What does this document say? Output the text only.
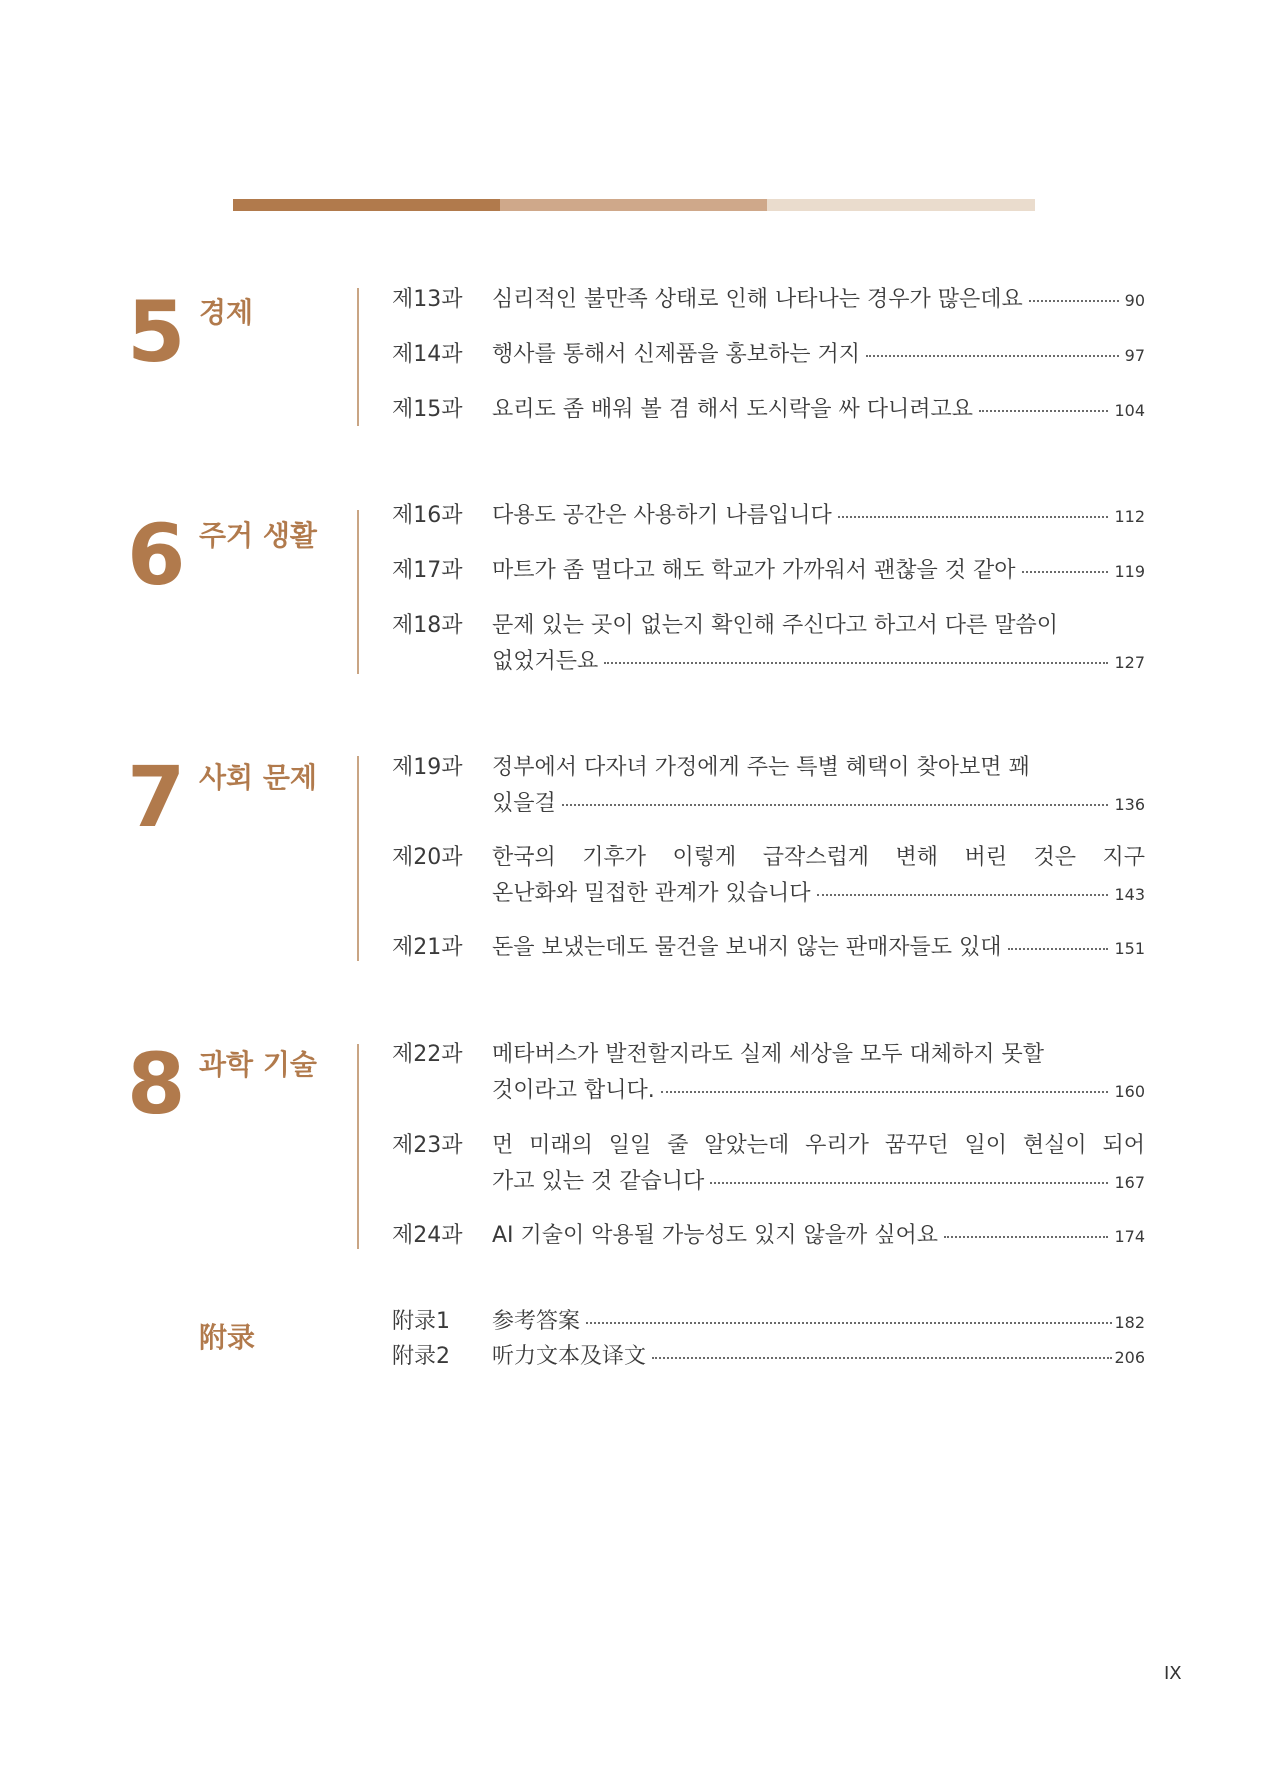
5 경제	제13과 심리적인 불만족 상태로 인해 나타나는 경우가 많은데요	90
제14과 행사를 통해서 신제품을 홍보하는 거지	97
제15과 요리도 좀 배워 볼 겸 해서 도시락을 싸 다니려고요	104
6 주거 생활
제16과 다용도 공간은 사용하기 나름입니다	112
제17과 마트가 좀 멀다고 해도 학교가 가까워서 괜찮을 것 같아	119
제18과 문제 있는 곳이 없는지 확인해 주신다고 하고서 다른 말씀이
없었거든요	127
7 사회 문제	제19과 정부에서 다자녀 가정에게 주는 특별 혜택이 찾아보면 꽤
있을걸	136
제20과 한국의 기후가 이렇게 급작스럽게 변해 버린 것은 지구
온난화와 밀접한 관계가 있습니다	143
제21과 돈을 보냈는데도 물건을 보내지 않는 판매자들도 있대	151
8 과학 기술	제22과 메타버스가 발전할지라도 실제 세상을 모두 대체하지 못할
것이라고 합니다.	160
제23과 먼 미래의 일일 줄 알았는데 우리가 꿈꾸던 일이 현실이 되어
가고 있는 것 같습니다	167
제24과 AI 기술이 악용될 가능성도 있지 않을까 싶어요	174
附录	附录1 参考答案	182
附录2 听力文本及译文	206
IX
